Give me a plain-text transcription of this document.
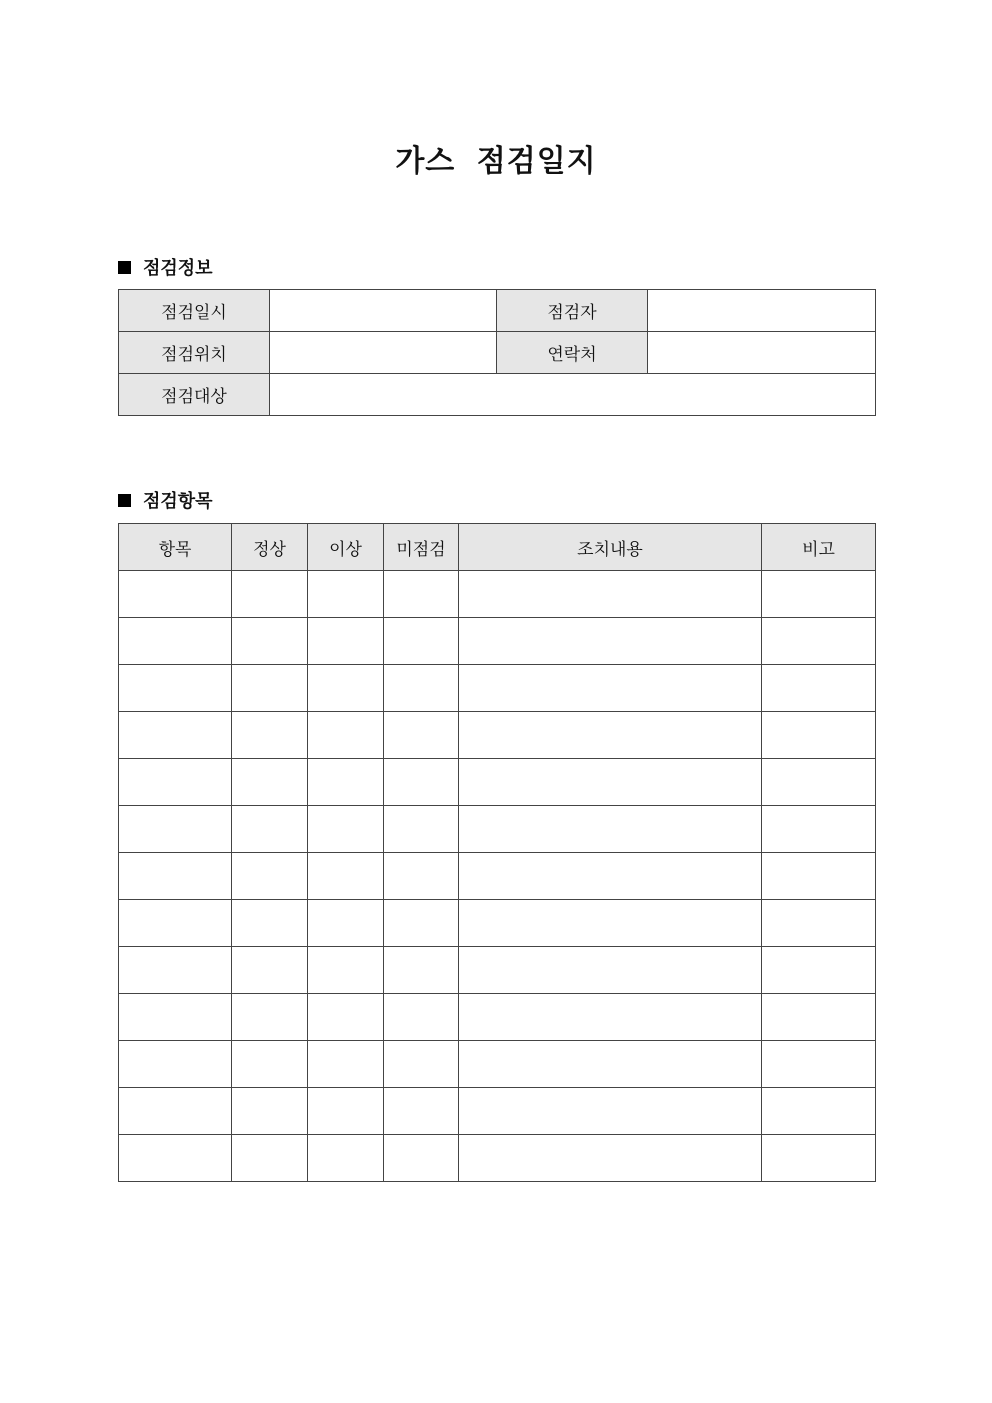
가스 점검일지
점검정보
점검일시		점검자	
점검위치		연락처	
점검대상			
점검항목
항목	정상	이상	미점검	조치내용	비고
